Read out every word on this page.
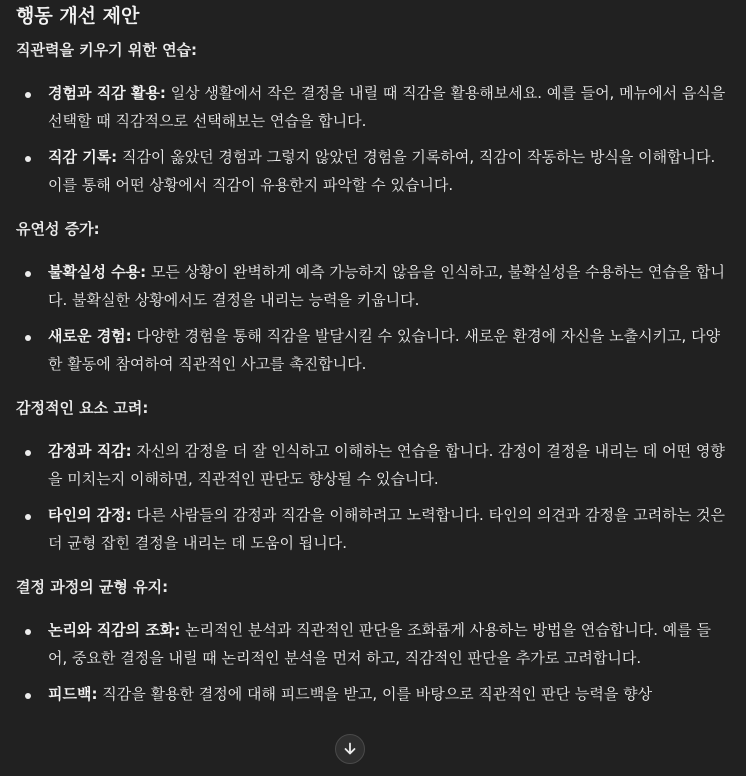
행동 개선 제안
직관력을 키우기 위한 연습:
경험과 직감 활용: 일상 생활에서 작은 결정을 내릴 때 직감을 활용해보세요. 예를 들어, 메뉴에서 음식을 선택할 때 직감적으로 선택해보는 연습을 합니다.
직감 기록: 직감이 옳았던 경험과 그렇지 않았던 경험을 기록하여, 직감이 작동하는 방식을 이해합니다. 이를 통해 어떤 상황에서 직감이 유용한지 파악할 수 있습니다.
유연성 증가:
불확실성 수용: 모든 상황이 완벽하게 예측 가능하지 않음을 인식하고, 불확실성을 수용하는 연습을 합니다. 불확실한 상황에서도 결정을 내리는 능력을 키웁니다.
새로운 경험: 다양한 경험을 통해 직감을 발달시킬 수 있습니다. 새로운 환경에 자신을 노출시키고, 다양한 활동에 참여하여 직관적인 사고를 촉진합니다.
감정적인 요소 고려:
감정과 직감: 자신의 감정을 더 잘 인식하고 이해하는 연습을 합니다. 감정이 결정을 내리는 데 어떤 영향을 미치는지 이해하면, 직관적인 판단도 향상될 수 있습니다.
타인의 감정: 다른 사람들의 감정과 직감을 이해하려고 노력합니다. 타인의 의견과 감정을 고려하는 것은 더 균형 잡힌 결정을 내리는 데 도움이 됩니다.
결정 과정의 균형 유지:
논리와 직감의 조화: 논리적인 분석과 직관적인 판단을 조화롭게 사용하는 방법을 연습합니다. 예를 들어, 중요한 결정을 내릴 때 논리적인 분석을 먼저 하고, 직감적인 판단을 추가로 고려합니다.
피드백: 직감을 활용한 결정에 대해 피드백을 받고, 이를 바탕으로 직관적인 판단 능력을 향상
